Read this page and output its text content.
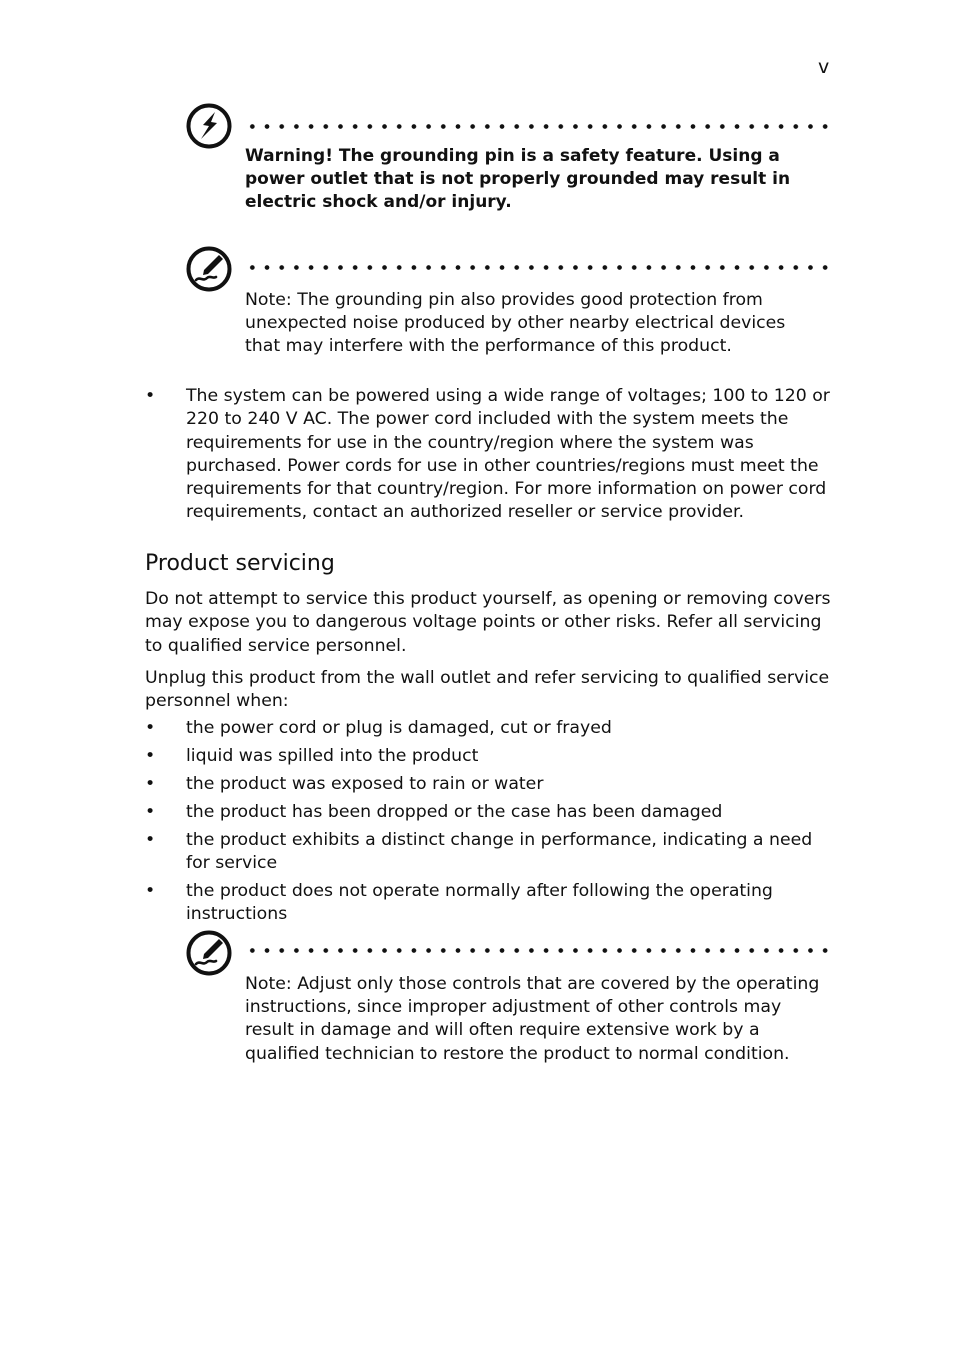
v
Warning! The grounding pin is a safety feature. Using a power outlet that is not properly grounded may result in electric shock and/or injury.
Note: The grounding pin also provides good protection from unexpected noise produced by other nearby electrical devices that may interfere with the performance of this product.
• The system can be powered using a wide range of voltages; 100 to 120 or 220 to 240 V AC. The power cord included with the system meets the requirements for use in the country/region where the system was purchased. Power cords for use in other countries/regions must meet the requirements for that country/region. For more information on power cord requirements, contact an authorized reseller or service provider.
Product servicing

Do not attempt to service this product yourself, as opening or removing covers may expose you to dangerous voltage points or other risks. Refer all servicing to qualified service personnel.

Unplug this product from the wall outlet and refer servicing to qualified service personnel when:

• the power cord or plug is damaged, cut or frayed
• liquid was spilled into the product
• the product was exposed to rain or water
• the product has been dropped or the case has been damaged
• the product exhibits a distinct change in performance, indicating a need for service
• the product does not operate normally after following the operating instructions
Note: Adjust only those controls that are covered by the operating instructions, since improper adjustment of other controls may result in damage and will often require extensive work by a qualified technician to restore the product to normal condition.
